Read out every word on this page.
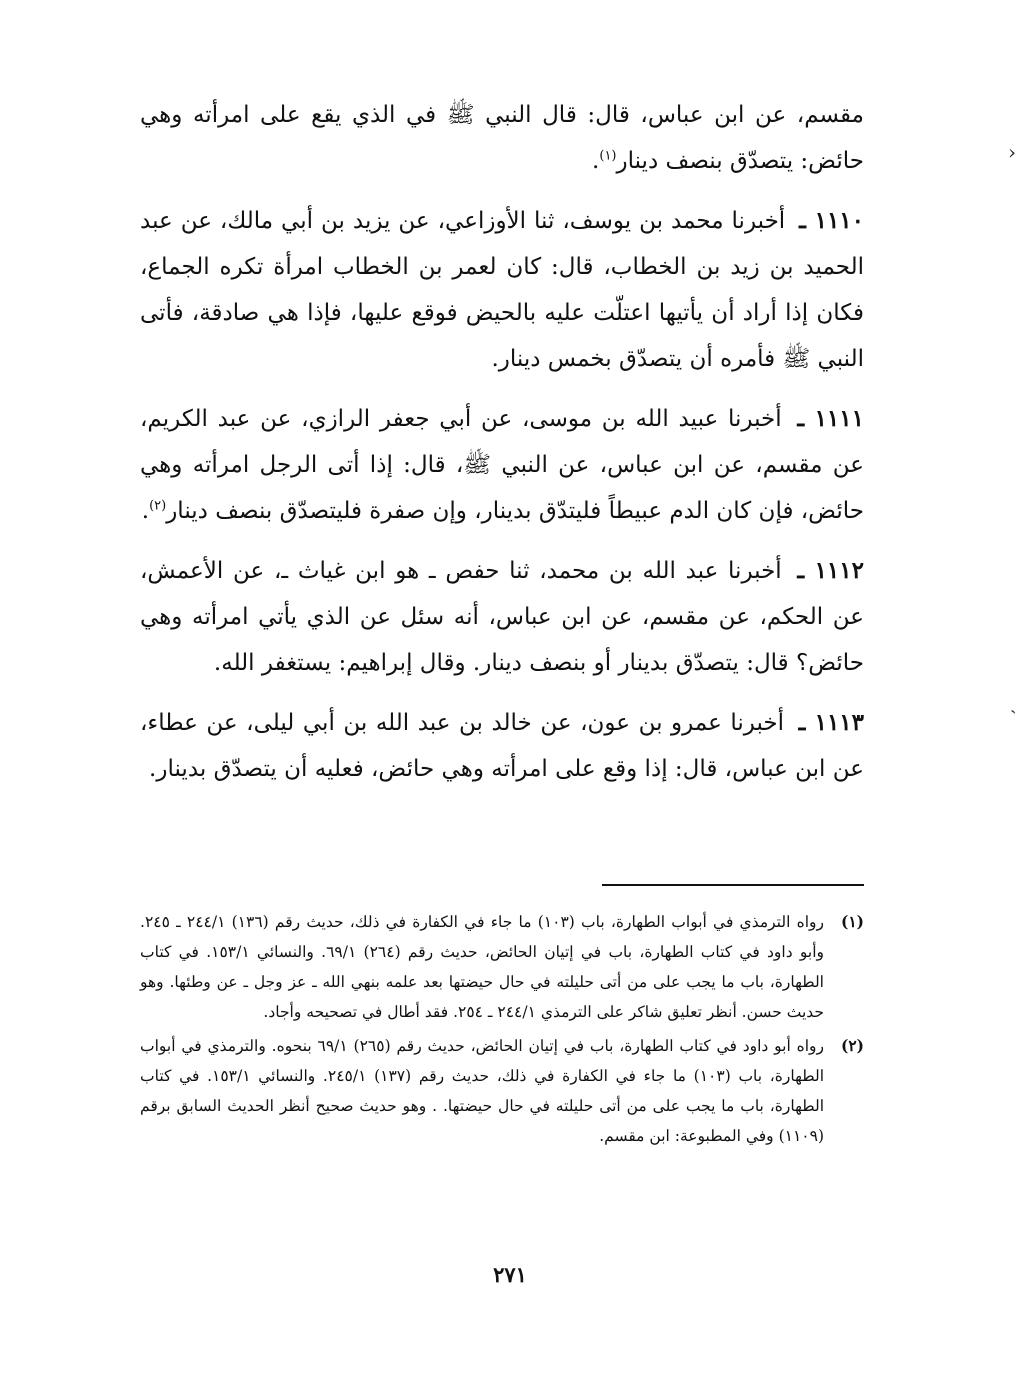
مقسم، عن ابن عباس، قال: قال النبي ﷺ في الذي يقع على امرأته وهي حائض: يتصدّق بنصف دينار$^{(١)}$.

١١١٠ ـ أخبرنا محمد بن يوسف، ثنا الأوزاعي، عن يزيد بن أبي مالك، عن عبد الحميد بن زيد بن الخطاب، قال: كان لعمر بن الخطاب امرأة تكره الجماع، فكان إذا أراد أن يأتيها اعتلّت عليه بالحيض فوقع عليها، فإذا هي صادقة، فأتى النبي ﷺ فأمره أن يتصدّق بخمس دينار.

١١١١ ـ أخبرنا عبيد الله بن موسى، عن أبي جعفر الرازي، عن عبد الكريم، عن مقسم، عن ابن عباس، عن النبي ﷺ، قال: إذا أتى الرجل امرأته وهي حائض، فإن كان الدم عبيطاً فليتدّق بدينار، وإن صفرة فليتصدّق بنصف دينار$^{(٢)}$.

١١١٢ ـ أخبرنا عبد الله بن محمد، ثنا حفص ـ هو ابن غياث ـ، عن الأعمش، عن الحكم، عن مقسم، عن ابن عباس، أنه سئل عن الذي يأتي امرأته وهي حائض؟ قال: يتصدّق بدينار أو بنصف دينار. وقال إبراهيم: يستغفر الله.

١١١٣ ـ أخبرنا عمرو بن عون، عن خالد بن عبد الله بن أبي ليلى، عن عطاء، عن ابن عباس، قال: إذا وقع على امرأته وهي حائض، فعليه أن يتصدّق بدينار.

(١)
رواه الترمذي في أبواب الطهارة، باب (١٠٣) ما جاء في الكفارة في ذلك، حديث رقم (١٣٦) ٢٤٤/١ ـ ٢٤٥. وأبو داود في كتاب الطهارة، باب في إتيان الحائض، حديث رقم (٢٦٤) ٦٩/١. والنسائي ١٥٣/١. في كتاب الطهارة، باب ما يجب على من أتى حليلته في حال حيضتها بعد علمه بنهي الله ـ عز وجل ـ عن وطئها. وهو حديث حسن. أنظر تعليق شاكر على الترمذي ٢٤٤/١ ـ ٢٥٤. فقد أطال في تصحيحه وأجاد.
(٢)
رواه أبو داود في كتاب الطهارة، باب في إتيان الحائض، حديث رقم (٢٦٥) ٦٩/١ بنحوه. والترمذي في أبواب الطهارة، باب (١٠٣) ما جاء في الكفارة في ذلك، حديث رقم (١٣٧) ٢٤٥/١. والنسائي ١٥٣/١. في كتاب الطهارة، باب ما يجب على من أتى حليلته في حال حيضتها. . وهو حديث صحيح أنظر الحديث السابق برقم (١١٠٩) وفي المطبوعة: ابن مقسم.
٢٧١
‹
ˎ
